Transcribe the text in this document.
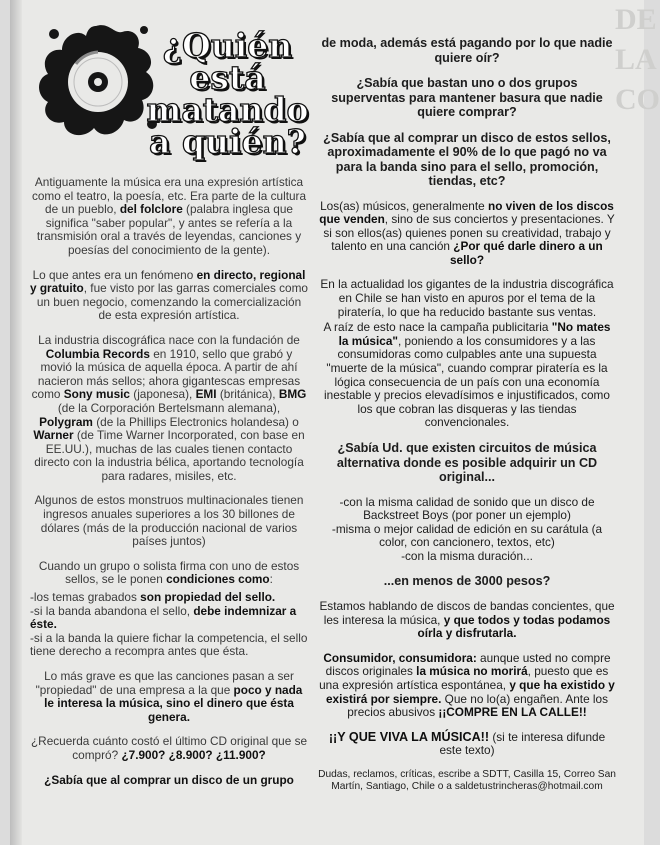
DE
LA
CO
¿Quién
está
matando
a quién?

Antiguamente la música era una expresión artística como el teatro, la poesía, etc. Era parte de la cultura de un pueblo, del folclore (palabra inglesa que significa "saber popular", y antes se refería a la transmisión oral a través de leyendas, canciones y poesías del conocimiento de la gente).

Lo que antes era un fenómeno en directo, regional y gratuito, fue visto por las garras comerciales como un buen negocio, comenzando la comercialización de esta expresión artística.

La industria discográfica nace con la fundación de Columbia Records en 1910, sello que grabó y movió la música de aquella época. A partir de ahí nacieron más sellos; ahora gigantescas empresas como Sony music (japonesa), EMI (británica), BMG (de la Corporación Bertelsmann alemana), Polygram (de la Phillips Electronics holandesa) o Warner (de Time Warner Incorporated, con base en EE.UU.), muchas de las cuales tienen contacto directo con la industria bélica, aportando tecnología para radares, misiles, etc.

Algunos de estos monstruos multinacionales tienen ingresos anuales superiores a los 30 billones de dólares (más de la producción nacional de varios países juntos)

Cuando un grupo o solista firma con uno de estos sellos, se le ponen condiciones como:

-los temas grabados son propiedad del sello.
-si la banda abandona el sello, debe indemnizar a éste.
-si a la banda la quiere fichar la competencia, el sello tiene derecho a recompra antes que ésta.

Lo más grave es que las canciones pasan a ser "propiedad" de una empresa a la que poco y nada le interesa la música, sino el dinero que ésta genera.

¿Recuerda cuánto costó el último CD original que se compró? ¿7.900? ¿8.900? ¿11.900?

¿Sabía que al comprar un disco de un grupo

de moda, además está pagando por lo que nadie quiere oír?

¿Sabía que bastan uno o dos grupos superventas para mantener basura que nadie quiere comprar?

¿Sabía que al comprar un disco de estos sellos, aproximadamente el 90% de lo que pagó no va para la banda sino para el sello, promoción, tiendas, etc?

Los(as) músicos, generalmente no viven de los discos que venden, sino de sus conciertos y presentaciones. Y si son ellos(as) quienes ponen su creatividad, trabajo y talento en una canción ¿Por qué darle dinero a un sello?

En la actualidad los gigantes de la industria discográfica en Chile se han visto en apuros por el tema de la piratería, lo que ha reducido bastante sus ventas.

A raíz de esto nace la campaña publicitaria "No mates la música", poniendo a los consumidores y a las consumidoras como culpables ante una supuesta "muerte de la música", cuando comprar piratería es la lógica consecuencia de un país con una economía inestable y precios elevadísimos e injustificados, como los que cobran las disqueras y las tiendas convencionales.

¿Sabía Ud. que existen circuitos de música alternativa donde es posible adquirir un CD original...

-con la misma calidad de sonido que un disco de Backstreet Boys (por poner un ejemplo)
-misma o mejor calidad de edición en su carátula (a color, con cancionero, textos, etc)
-con la misma duración...

...en menos de 3000 pesos?

Estamos hablando de discos de bandas concientes, que les interesa la música, y que todos y todas podamos oírla y disfrutarla.

Consumidor, consumidora: aunque usted no compre discos originales la música no morirá, puesto que es una expresión artística espontánea, y que ha existido y existirá por siempre. Que no lo(a) engañen. Ante los precios abusivos ¡¡COMPRE EN LA CALLE!!

¡¡Y QUE VIVA LA MÚSICA!! (si te interesa difunde este texto)

Dudas, reclamos, críticas, escribe a SDTT, Casilla 15, Correo San Martín, Santiago, Chile o a saldetustrincheras@hotmail.com
